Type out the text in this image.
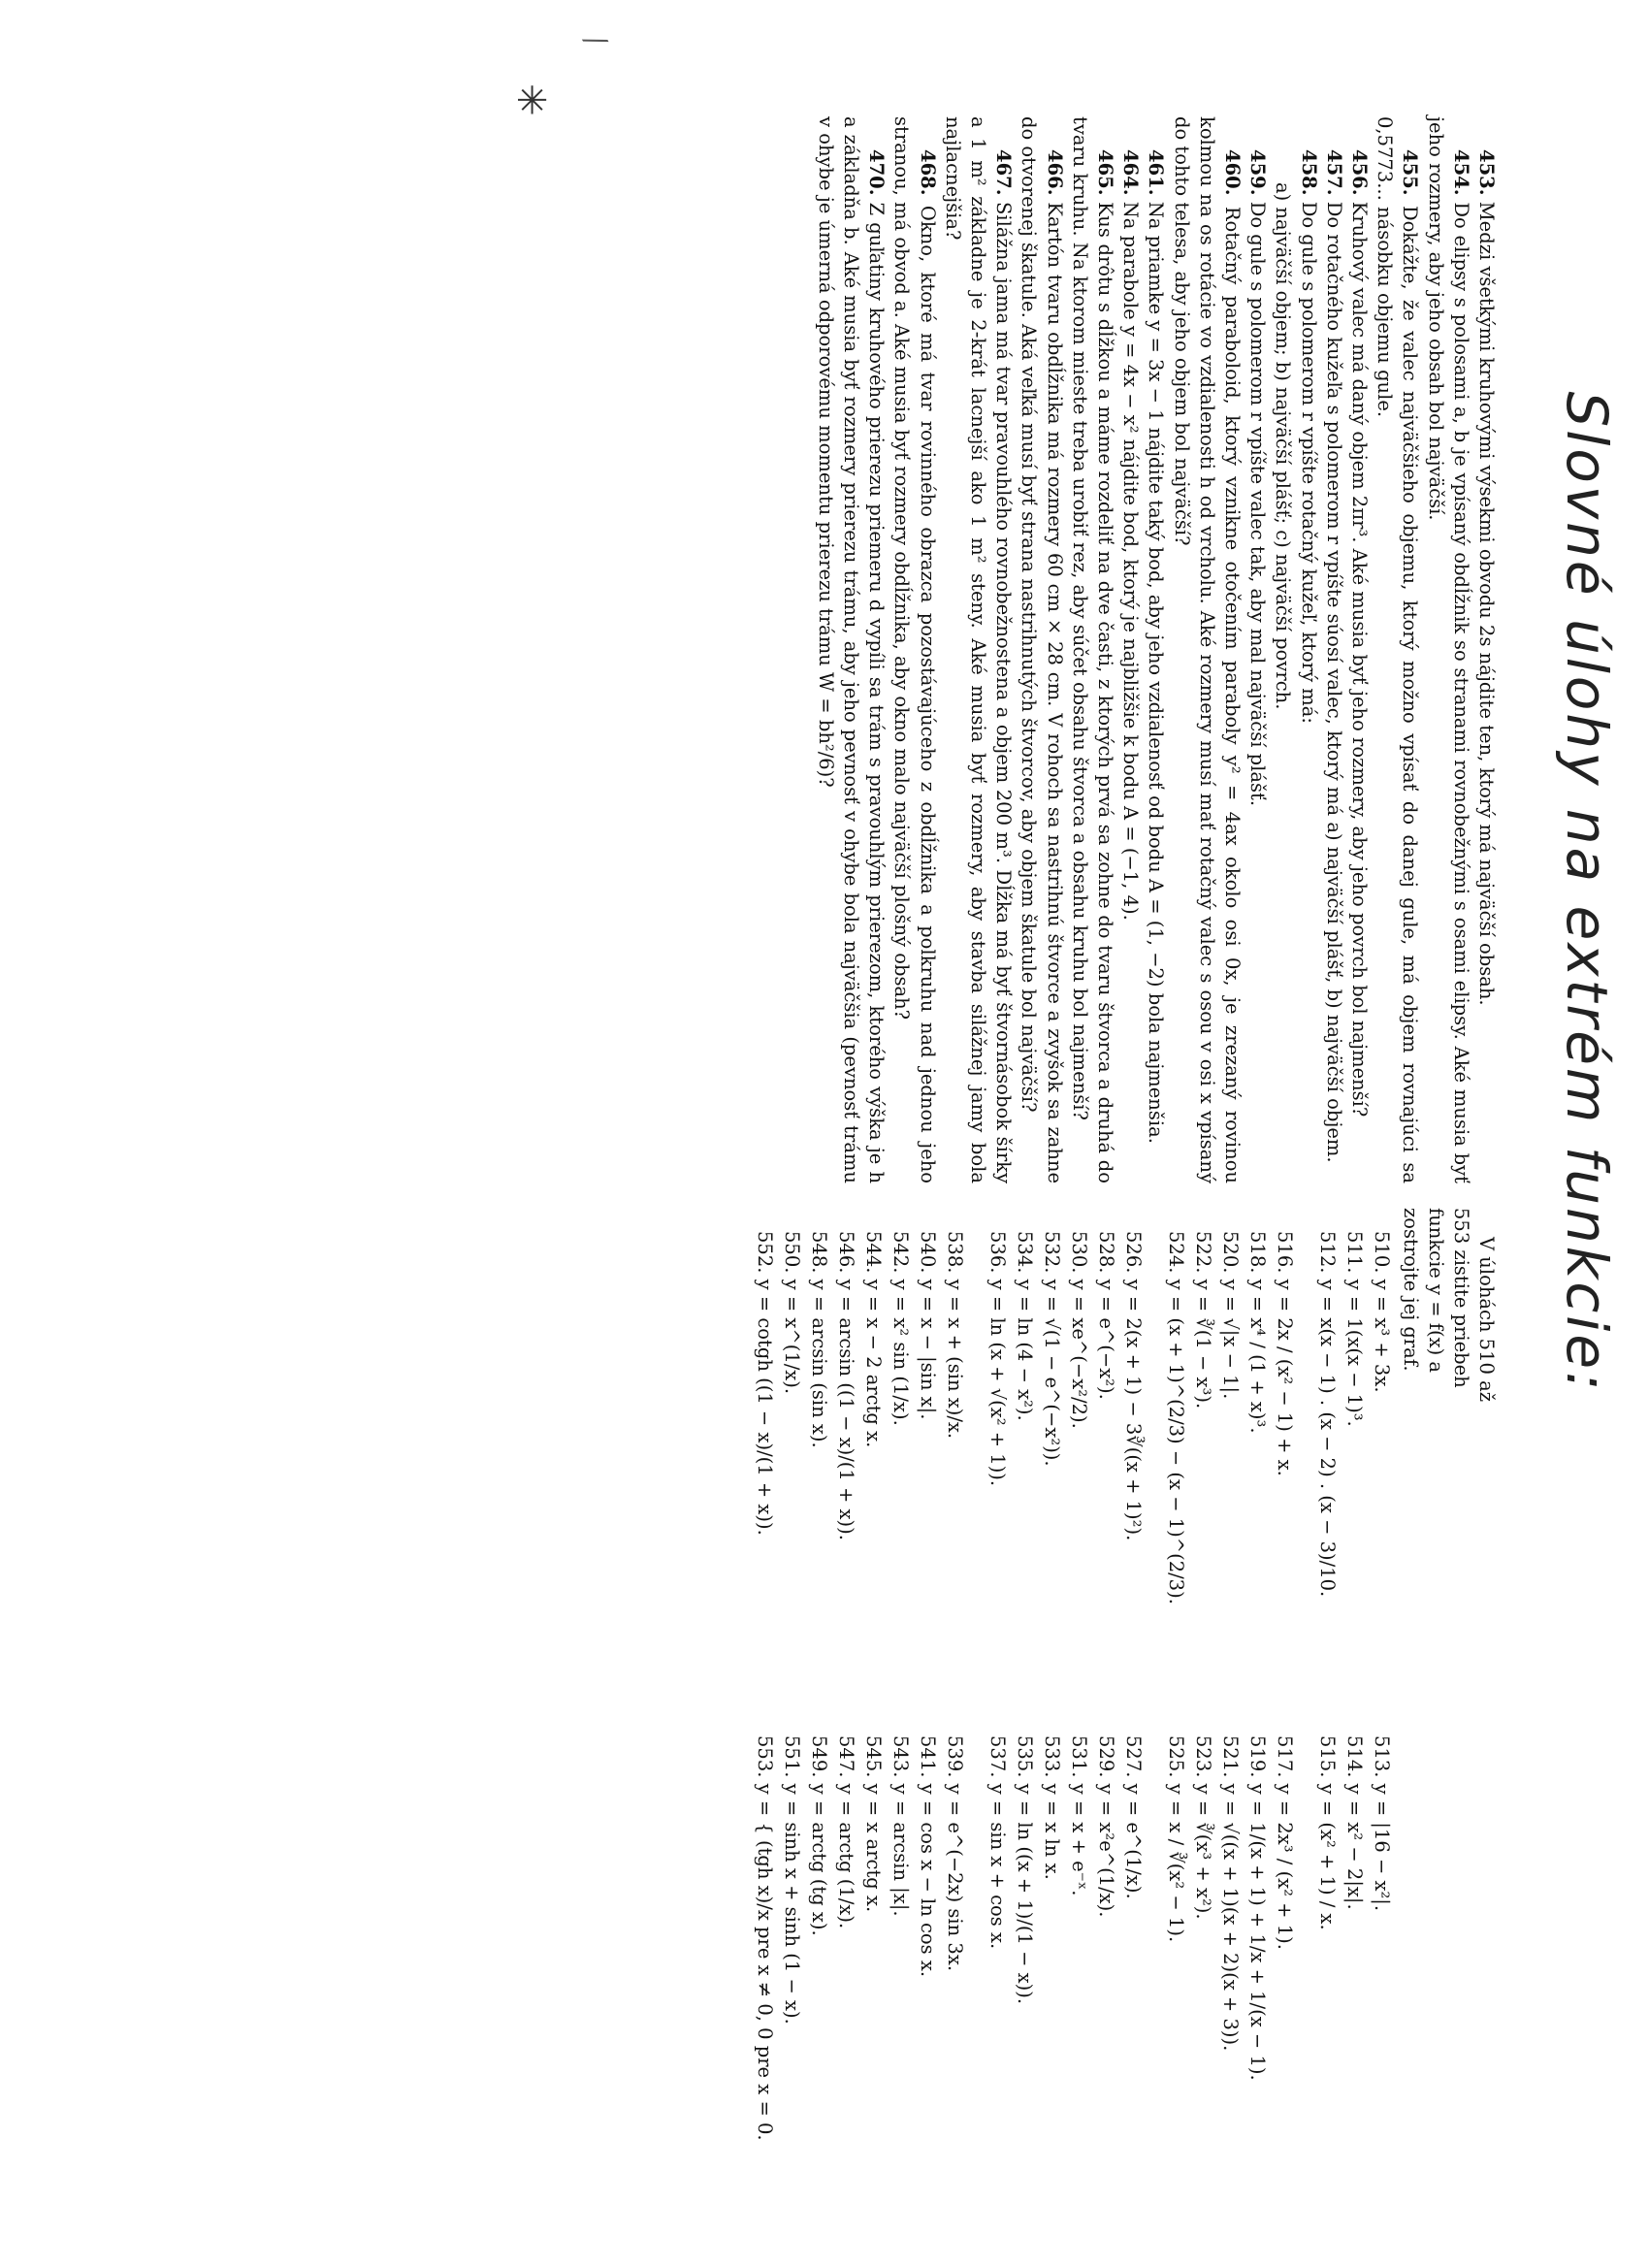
Slovné úlohy na extrém funkcie:

453. Medzi všetkými kruhovými výsekmi obvodu 2s nájdite ten, ktorý má najväčší obsah.

454. Do elipsy s polosami a, b je vpísaný obdĺžnik so stranami rovnobežnými s osami elipsy. Aké musia byť jeho rozmery, aby jeho obsah bol najväčší.

455. Dokážte, že valec najväčšieho objemu, ktorý možno vpísať do danej gule, má objem rovnajúci sa 0,5773... násobku objemu gule.

456. Kruhový valec má daný objem 2πr³. Aké musia byť jeho rozmery, aby jeho povrch bol najmenší?

457. Do rotačného kužeľa s polomerom r vpíšte súosí valec, ktorý má a) najväčší plášť, b) najväčší objem.

458. Do gule s polomerom r vpíšte rotačný kužeľ, ktorý má:

a) najväčší objem; b) najväčší plášť; c) najväčší povrch.

459. Do gule s polomerom r vpíšte valec tak, aby mal najväčší plášť.

460. Rotačný paraboloid, ktorý vznikne otočením paraboly y² = 4ax okolo osi 0x, je zrezaný rovinou kolmou na os rotácie vo vzdialenosti h od vrcholu. Aké rozmery musí mať rotačný valec s osou v osi x vpísaný do tohto telesa, aby jeho objem bol najväčší?

461. Na priamke y = 3x − 1 nájdite taký bod, aby jeho vzdialenosť od bodu A = (1, −2) bola najmenšia.

464. Na parabole y = 4x − x² nájdite bod, ktorý je najbližšie k bodu A = (−1, 4).

465. Kus drôtu s dĺžkou a máme rozdeliť na dve časti, z ktorých prvá sa zohne do tvaru štvorca a druhá do tvaru kruhu. Na ktorom mieste treba urobiť rez, aby súčet obsahu štvorca a obsahu kruhu bol najmenší?

466. Kartón tvaru obdĺžnika má rozmery 60 cm × 28 cm. V rohoch sa nastrihnú štvorce a zvyšok sa zahne do otvorenej škatule. Aká veľká musí byť strana nastrihnutých štvorcov, aby objem škatule bol najväčší?

467. Silážna jama má tvar pravouhlého rovnobežnostena a objem 200 m³. Dĺžka má byť štvornásobok šírky a 1 m² základne je 2-krát lacnejší ako 1 m² steny. Aké musia byť rozmery, aby stavba silážnej jamy bola najlacnejšia?

468. Okno, ktoré má tvar rovinného obrazca pozostávajúceho z obdĺžnika a polkruhu nad jednou jeho stranou, má obvod a. Aké musia byť rozmery obdĺžnika, aby okno malo najväčší plošný obsah?

470. Z guľatiny kruhového prierezu priemeru d vypíli sa trám s pravouhlým prierezom, ktorého výška je h a základňa b. Aké musia byť rozmery prierezu trámu, aby jeho pevnosť v ohybe bola najväčšia (pevnosť trámu v ohybe je úmerná odporovému momentu prierezu trámu W = bh²/6)?

V úlohách 510 až 553 zistite priebeh funkcie y = f(x) a zostrojte jej graf.

510. y = x³ + 3x.
513. y = |16 − x²|.
511. y = 1(x(x − 1)³.
514. y = x² − 2|x|.
512. y = x(x − 1) . (x − 2) . (x − 3)/10.
515. y = (x² + 1) / x.
516. y = 2x / (x² − 1) + x.
517. y = 2x³ / (x² + 1).
518. y = x⁴ / (1 + x)³.
519. y = 1/(x + 1) + 1/x + 1/(x − 1).
520. y = √|x − 1|.
521. y = √((x + 1)(x + 2)(x + 3)).
522. y = ∛(1 − x³).
523. y = ∛(x³ + x²).
524. y = (x + 1)^(2/3) − (x − 1)^(2/3).
525. y = x / ∛(x² − 1).
526. y = 2(x + 1) − 3∛((x + 1)²).
527. y = e^(1/x).
528. y = e^(−x²).
529. y = x²e^(1/x).
530. y = xe^(−x²/2).
531. y = x + e⁻ˣ.
532. y = √(1 − e^(−x²)).
533. y = x ln x.
534. y = ln (4 − x²).
535. y = ln ((x + 1)/(1 − x)).
536. y = ln (x + √(x² + 1)).
537. y = sin x + cos x.
538. y = x + (sin x)/x.
539. y = e^(−2x) sin 3x.
540. y = x − |sin x|.
541. y = cos x − ln cos x.
542. y = x² sin (1/x).
543. y = arcsin |x|.
544. y = x − 2 arctg x.
545. y = x arctg x.
546. y = arcsin ((1 − x)/(1 + x)).
547. y = arctg (1/x).
548. y = arcsin (sin x).
549. y = arctg (tg x).
550. y = x^(1/x).
551. y = sinh x + sinh (1 − x).
552. y = cotgh ((1 − x)/(1 + x)).
553. y = { (tgh x)/x pre x ≠ 0, 0 pre x = 0.
⁄
✳
